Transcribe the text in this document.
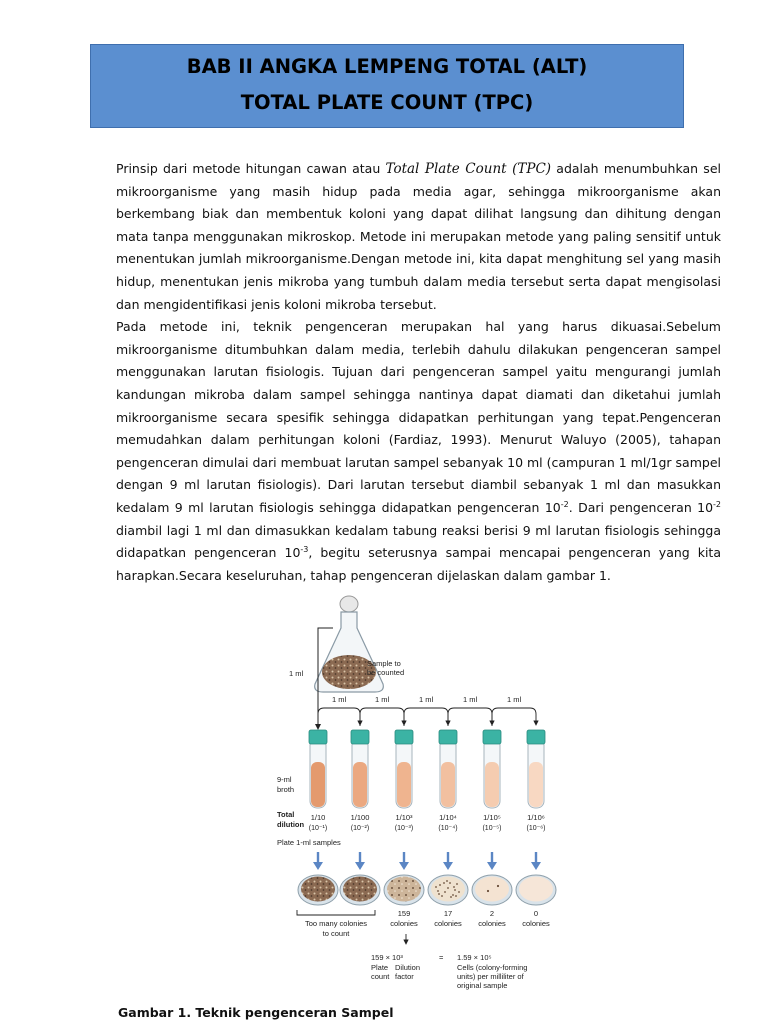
BAB II ANGKA LEMPENG TOTAL (ALT)
TOTAL PLATE COUNT (TPC)

Prinsip dari metode hitungan cawan atau Total Plate Count (TPC) adalah menumbuhkan sel mikroorganisme yang masih hidup pada media agar, sehingga mikroorganisme akan berkembang biak dan membentuk koloni yang dapat dilihat langsung dan dihitung dengan mata tanpa menggunakan mikroskop. Metode ini merupakan metode yang paling sensitif untuk menentukan jumlah mikroorganisme.Dengan metode ini, kita dapat menghitung sel yang masih hidup, menentukan jenis mikroba yang tumbuh dalam media tersebut serta dapat mengisolasi dan mengidentifikasi jenis koloni mikroba tersebut.

Pada metode ini, teknik pengenceran merupakan hal yang harus dikuasai.Sebelum mikroorganisme ditumbuhkan dalam media, terlebih dahulu dilakukan pengenceran sampel menggunakan larutan fisiologis. Tujuan dari pengenceran sampel yaitu mengurangi jumlah kandungan mikroba dalam sampel sehingga nantinya dapat diamati dan diketahui jumlah mikroorganisme secara spesifik sehingga didapatkan perhitungan yang tepat.Pengenceran memudahkan dalam perhitungan koloni (Fardiaz, 1993). Menurut Waluyo (2005), tahapan pengenceran dimulai dari membuat larutan sampel sebanyak 10 ml (campuran 1 ml/1gr sampel dengan 9 ml larutan fisiologis). Dari larutan tersebut diambil sebanyak 1 ml dan masukkan kedalam 9 ml larutan fisiologis sehingga didapatkan pengenceran $10^{-2}$. Dari pengenceran $10^{-2}$ diambil lagi 1 ml dan dimasukkan kedalam tabung reaksi berisi 9 ml larutan fisiologis sehingga didapatkan pengenceran $10^{-3}$, begitu seterusnya sampai mencapai pengenceran yang kita harapkan.Secara keseluruhan, tahap pengenceran dijelaskan dalam gambar 1.

Sample to
be counted
1 ml
1 ml	1 ml	1 ml	1 ml	1 ml
9-ml
broth
Total
dilution
1/10	1/100	1/10³	1/10⁴	1/10⁵	1/10⁶
(10⁻¹)	(10⁻²)	(10⁻³)	(10⁻⁴)	(10⁻⁵)	(10⁻⁶)
Plate 1-ml samples
Too many colonies
to count
159	17	2	0
colonies colonies colonies colonies
159 × 10³	= 1.59 × 10⁵
Plate
count
Dilution
factor
Cells (colony-forming
units) per milliliter of
original sample
Gambar 1. Teknik pengenceran Sampel
